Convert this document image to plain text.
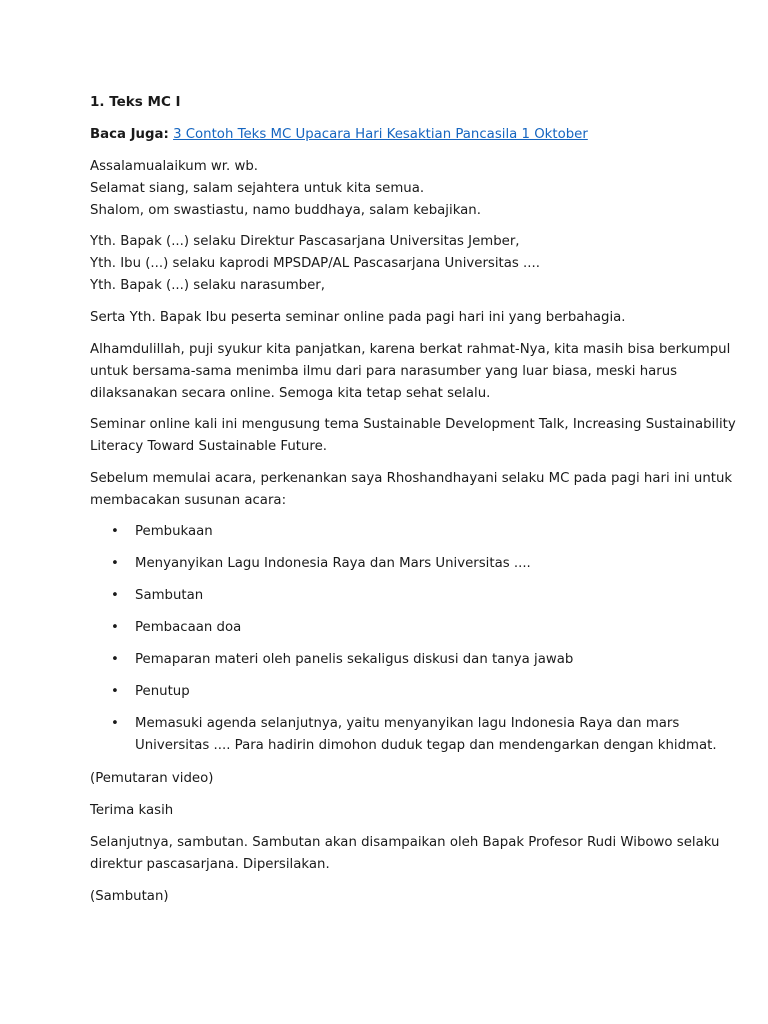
1. Teks MC I

Baca Juga: 3 Contoh Teks MC Upacara Hari Kesaktian Pancasila 1 Oktober

Assalamualaikum wr. wb.
Selamat siang, salam sejahtera untuk kita semua.
Shalom, om swastiastu, namo buddhaya, salam kebajikan.

Yth. Bapak (...) selaku Direktur Pascasarjana Universitas Jember,
Yth. Ibu (...) selaku kaprodi MPSDAP/AL Pascasarjana Universitas ....
Yth. Bapak (...) selaku narasumber,

Serta Yth. Bapak Ibu peserta seminar online pada pagi hari ini yang berbahagia.

Alhamdulillah, puji syukur kita panjatkan, karena berkat rahmat-Nya, kita masih bisa berkumpul
untuk bersama-sama menimba ilmu dari para narasumber yang luar biasa, meski harus
dilaksanakan secara online. Semoga kita tetap sehat selalu.

Seminar online kali ini mengusung tema Sustainable Development Talk, Increasing Sustainability
Literacy Toward Sustainable Future.

Sebelum memulai acara, perkenankan saya Rhoshandhayani selaku MC pada pagi hari ini untuk
membacakan susunan acara:

• Pembukaan
• Menyanyikan Lagu Indonesia Raya dan Mars Universitas ....
• Sambutan
• Pembacaan doa
• Pemaparan materi oleh panelis sekaligus diskusi dan tanya jawab
• Penutup
• Memasuki agenda selanjutnya, yaitu menyanyikan lagu Indonesia Raya dan mars
Universitas .... Para hadirin dimohon duduk tegap dan mendengarkan dengan khidmat.

(Pemutaran video)

Terima kasih

Selanjutnya, sambutan. Sambutan akan disampaikan oleh Bapak Profesor Rudi Wibowo selaku
direktur pascasarjana. Dipersilakan.

(Sambutan)
